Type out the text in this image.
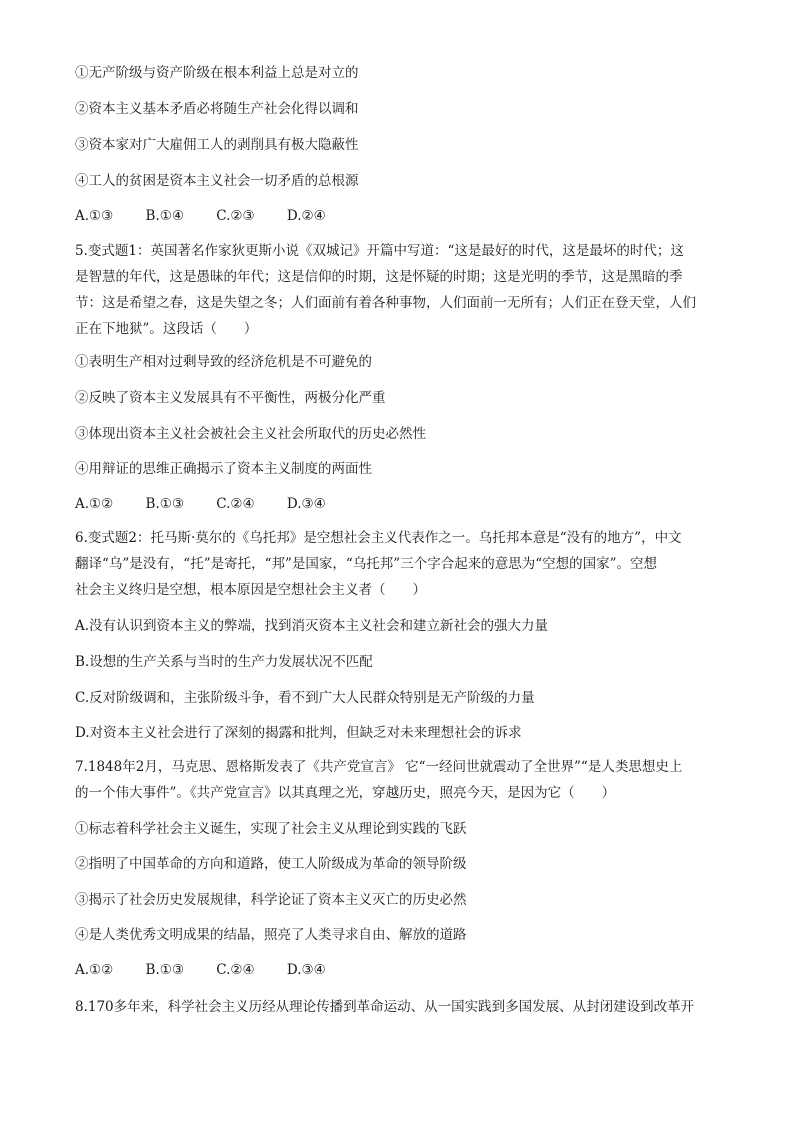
①无产阶级与资产阶级在根本利益上总是对立的
②资本主义基本矛盾必将随生产社会化得以调和
③资本家对广大雇佣工人的剥削具有极大隐蔽性
④工人的贫困是资本主义社会一切矛盾的总根源
A.①③ B.①④ C.②③ D.②④
5.变式题1：英国著名作家狄更斯小说《双城记》开篇中写道：“这是最好的时代，这是最坏的时代；这
是智慧的年代，这是愚昧的年代；这是信仰的时期，这是怀疑的时期；这是光明的季节，这是黑暗的季
节：这是希望之春，这是失望之冬；人们面前有着各种事物，人们面前一无所有；人们正在登天堂，人们
正在下地狱”。这段话（　　）
①表明生产相对过剩导致的经济危机是不可避免的
②反映了资本主义发展具有不平衡性，两极分化严重
③体现出资本主义社会被社会主义社会所取代的历史必然性
④用辩证的思维正确揭示了资本主义制度的两面性
A.①② B.①③ C.②④ D.③④
6.变式题2：托马斯·莫尔的《乌托邦》是空想社会主义代表作之一。乌托邦本意是“没有的地方”，中文
翻译“乌”是没有，“托”是寄托，“邦”是国家，“乌托邦”三个字合起来的意思为“空想的国家”。空想
社会主义终归是空想，根本原因是空想社会主义者（　　）
A.没有认识到资本主义的弊端，找到消灭资本主义社会和建立新社会的强大力量
B.设想的生产关系与当时的生产力发展状况不匹配
C.反对阶级调和，主张阶级斗争，看不到广大人民群众特别是无产阶级的力量
D.对资本主义社会进行了深刻的揭露和批判，但缺乏对未来理想社会的诉求
7.1848年2月，马克思、恩格斯发表了《共产党宣言》 它“一经问世就震动了全世界”“是人类思想史上
的一个伟大事件”。《共产党宣言》以其真理之光，穿越历史，照亮今天，是因为它（　　）
①标志着科学社会主义诞生，实现了社会主义从理论到实践的飞跃
②指明了中国革命的方向和道路，使工人阶级成为革命的领导阶级
③揭示了社会历史发展规律，科学论证了资本主义灭亡的历史必然
④是人类优秀文明成果的结晶，照亮了人类寻求自由、解放的道路
A.①② B.①③ C.②④ D.③④
8.170多年来，科学社会主义历经从理论传播到革命运动、从一国实践到多国发展、从封闭建设到改革开
